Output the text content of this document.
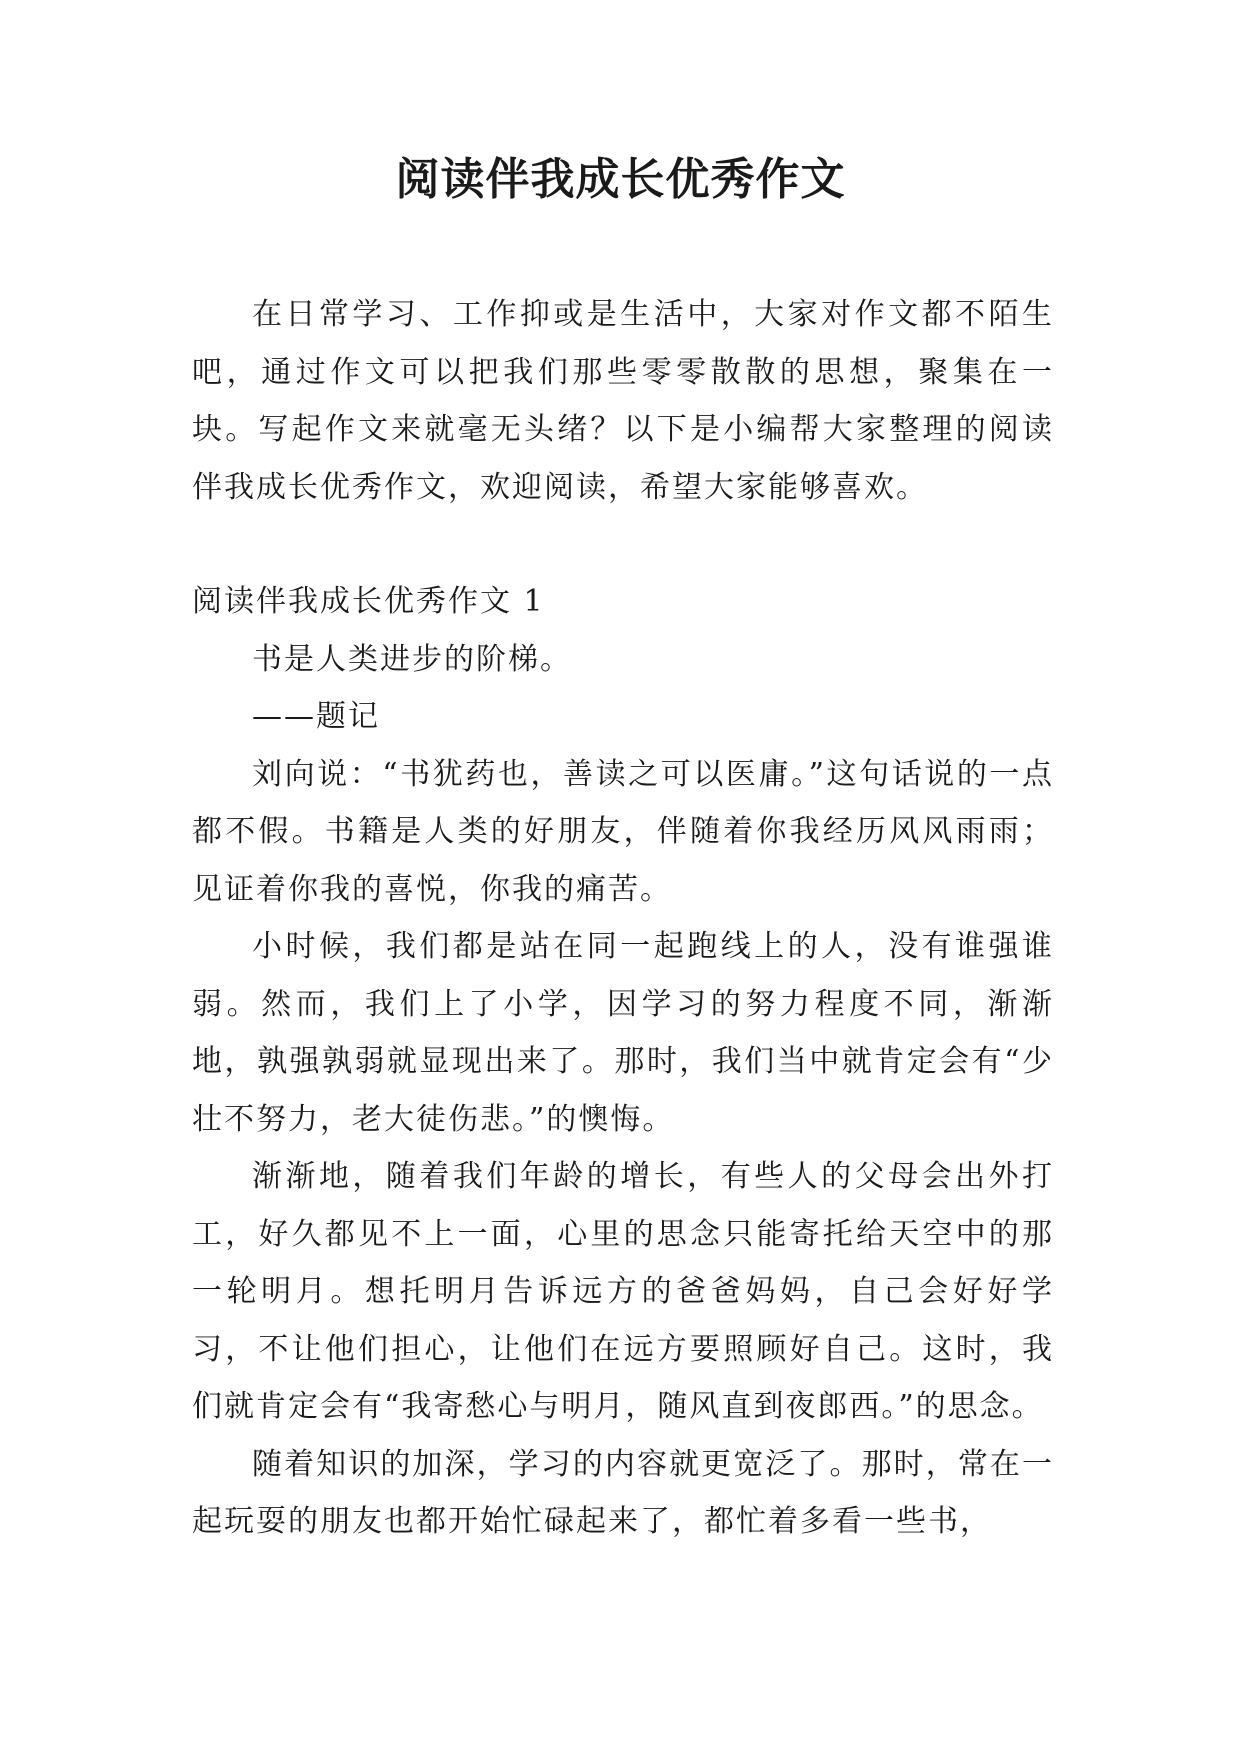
阅读伴我成长优秀作文

在日常学习、工作抑或是生活中，大家对作文都不陌生吧，通过作文可以把我们那些零零散散的思想，聚集在一块。写起作文来就毫无头绪？以下是小编帮大家整理的阅读伴我成长优秀作文，欢迎阅读，希望大家能够喜欢。

阅读伴我成长优秀作文 1

书是人类进步的阶梯。

——题记

刘向说：“书犹药也，善读之可以医庸。”这句话说的一点都不假。书籍是人类的好朋友，伴随着你我经历风风雨雨；见证着你我的喜悦，你我的痛苦。

小时候，我们都是站在同一起跑线上的人，没有谁强谁弱。然而，我们上了小学，因学习的努力程度不同，渐渐地，孰强孰弱就显现出来了。那时，我们当中就肯定会有“少壮不努力，老大徒伤悲。”的懊悔。

渐渐地，随着我们年龄的增长，有些人的父母会出外打工，好久都见不上一面，心里的思念只能寄托给天空中的那一轮明月。想托明月告诉远方的爸爸妈妈，自己会好好学习，不让他们担心，让他们在远方要照顾好自己。这时，我们就肯定会有“我寄愁心与明月，随风直到夜郎西。”的思念。

随着知识的加深，学习的内容就更宽泛了。那时，常在一起玩耍的朋友也都开始忙碌起来了，都忙着多看一些书，
